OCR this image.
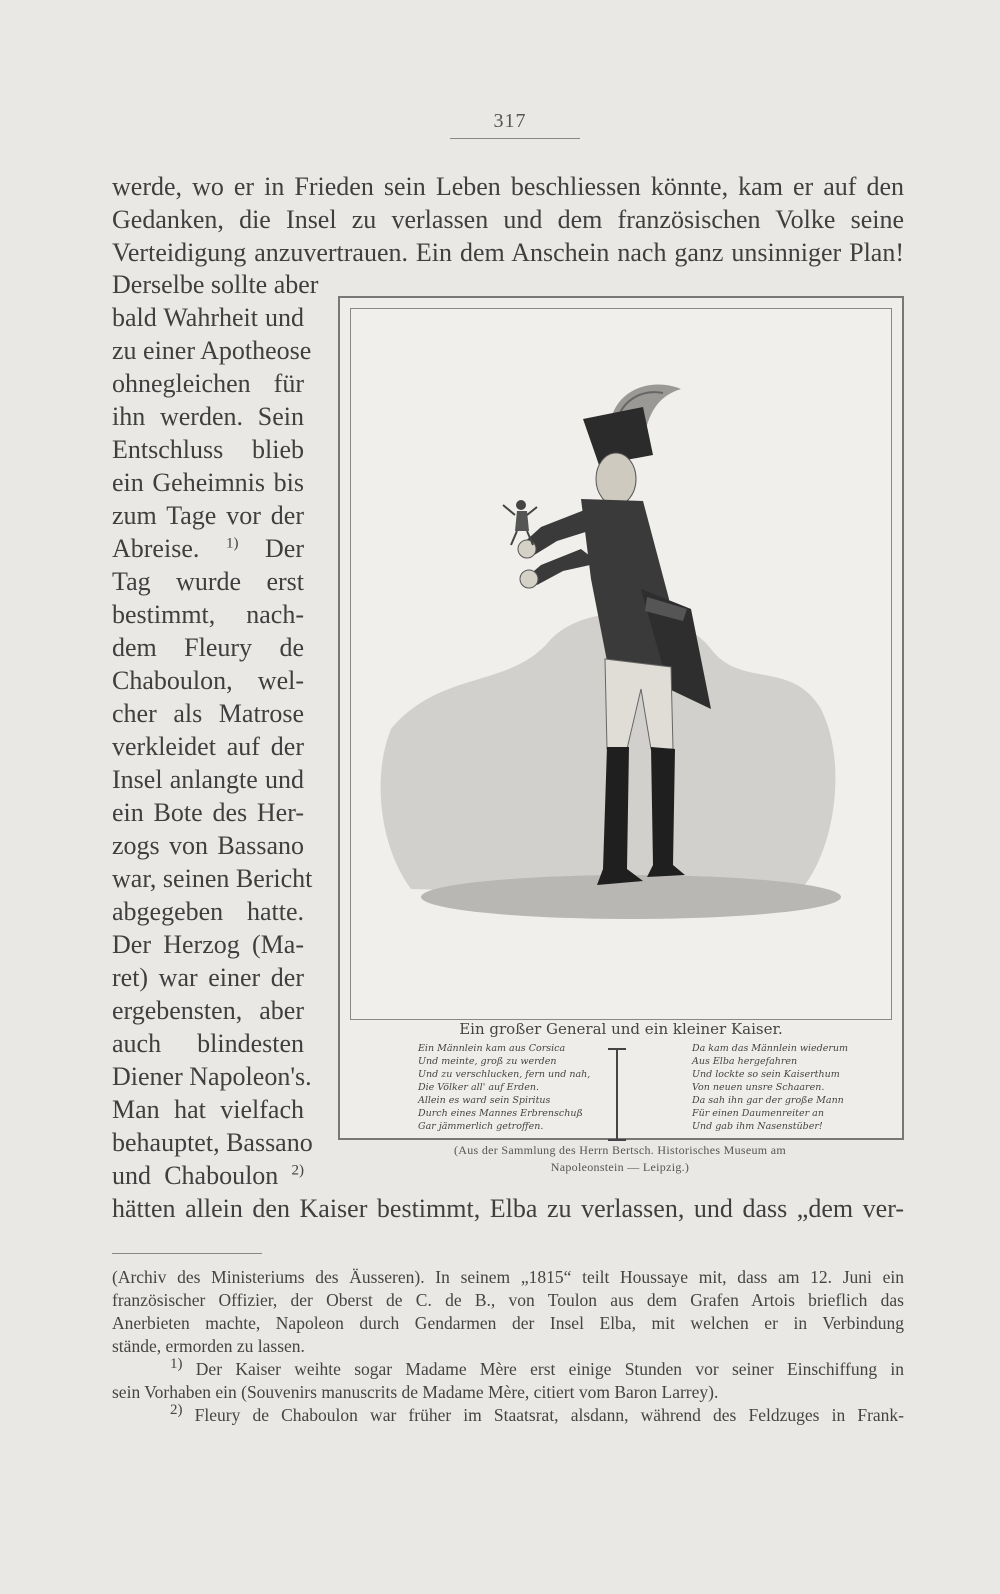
317
werde, wo er in Frieden sein Leben beschliessen könnte, kam er auf den
Gedanken, die Insel zu verlassen und dem französischen Volke seine
Verteidigung anzuvertrauen. Ein dem Anschein nach ganz unsinniger Plan!
Derselbe sollte aber
bald Wahrheit und
zu einer Apotheose
ohnegleichen für
ihn werden. Sein
Entschluss blieb
ein Geheimnis bis
zum Tage vor der
Abreise. $^{1)}$ Der
Tag wurde erst
bestimmt, nach-
dem Fleury de
Chaboulon, wel-
cher als Matrose
verkleidet auf der
Insel anlangte und
ein Bote des Her-
zogs von Bassano
war, seinen Bericht
abgegeben hatte.
Der Herzog (Ma-
ret) war einer der
ergebensten, aber
auch blindesten
Diener Napoleon's.
Man hat vielfach
behauptet, Bassano
und Chaboulon $^{2)}$
hätten allein den Kaiser bestimmt, Elba zu verlassen, und dass „dem ver-
Ein großer General und ein kleiner Kaiser.
Ein Männlein kam aus Corsica
Und meinte, groß zu werden
Und zu verschlucken, fern und nah,
Die Völker all' auf Erden.
Allein es ward sein Spiritus
Durch eines Mannes Erbrenschuß
Gar jämmerlich getroffen.
Da kam das Männlein wiederum
Aus Elba hergefahren
Und lockte so sein Kaiserthum
Von neuen unsre Schaaren.
Da sah ihn gar der große Mann
Für einen Daumenreiter an
Und gab ihm Nasenstüber!
(Aus der Sammlung des Herrn Bertsch. Historisches Museum am
Napoleonstein — Leipzig.)
(Archiv des Ministeriums des Äusseren). In seinem „1815“ teilt Houssaye mit, dass am 12. Juni ein
französischer Offizier, der Oberst de C. de B., von Toulon aus dem Grafen Artois brieflich das
Anerbieten machte, Napoleon durch Gendarmen der Insel Elba, mit welchen er in Verbindung
stände, ermorden zu lassen.
$^{1)}$ Der Kaiser weihte sogar Madame Mère erst einige Stunden vor seiner Einschiffung in
sein Vorhaben ein (Souvenirs manuscrits de Madame Mère, citiert vom Baron Larrey).
$^{2)}$ Fleury de Chaboulon war früher im Staatsrat, alsdann, während des Feldzuges in Frank-
